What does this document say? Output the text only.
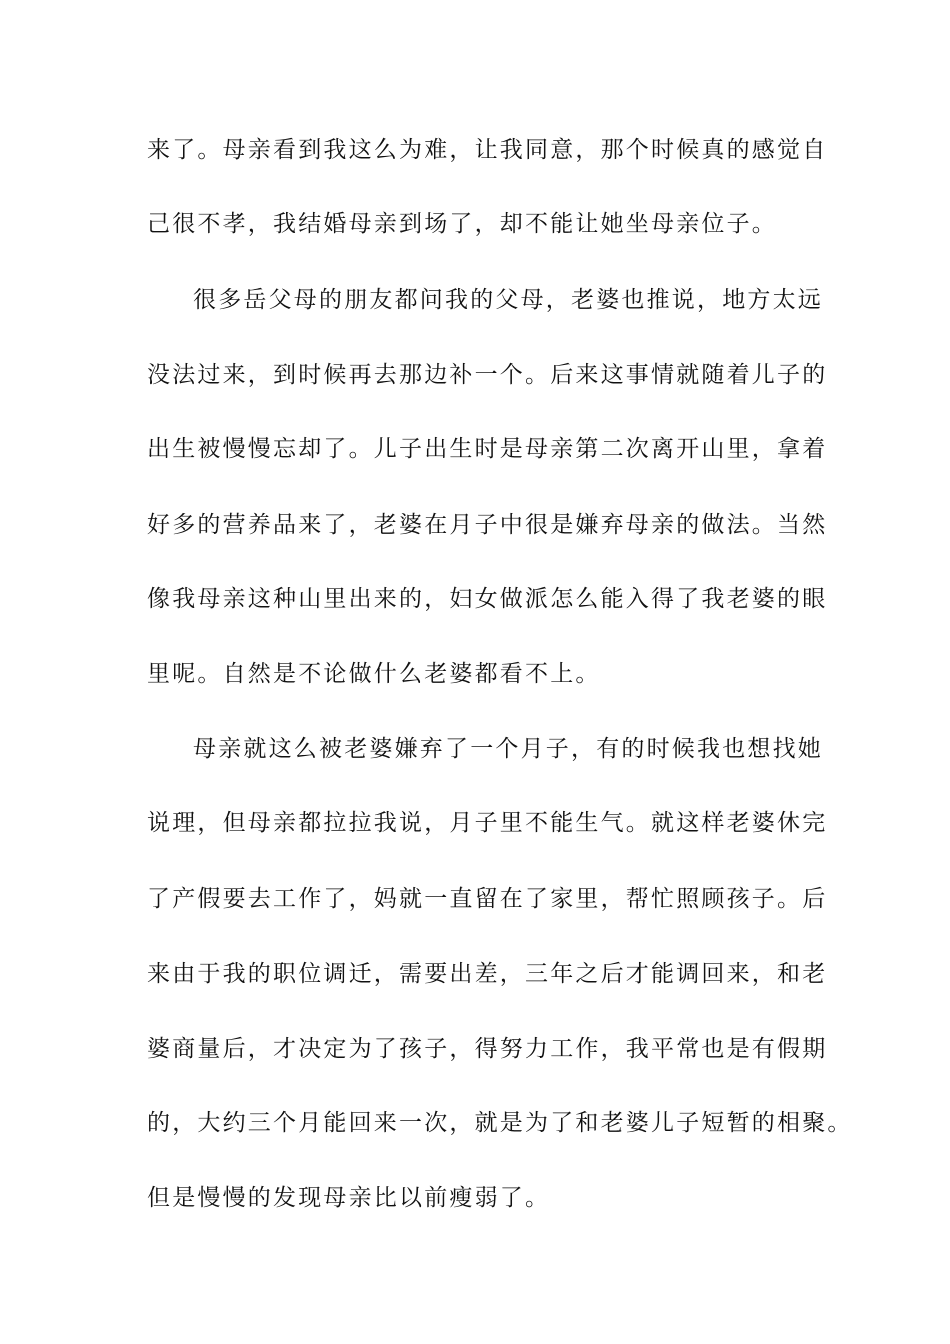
来了。母亲看到我这么为难，让我同意，那个时候真的感觉自
己很不孝，我结婚母亲到场了，却不能让她坐母亲位子。
很多岳父母的朋友都问我的父母，老婆也推说，地方太远
没法过来，到时候再去那边补一个。后来这事情就随着儿子的
出生被慢慢忘却了。儿子出生时是母亲第二次离开山里，拿着
好多的营养品来了，老婆在月子中很是嫌弃母亲的做法。当然
像我母亲这种山里出来的，妇女做派怎么能入得了我老婆的眼
里呢。自然是不论做什么老婆都看不上。
母亲就这么被老婆嫌弃了一个月子，有的时候我也想找她
说理，但母亲都拉拉我说，月子里不能生气。就这样老婆休完
了产假要去工作了，妈就一直留在了家里，帮忙照顾孩子。后
来由于我的职位调迁，需要出差，三年之后才能调回来，和老
婆商量后，才决定为了孩子，得努力工作，我平常也是有假期
的，大约三个月能回来一次，就是为了和老婆儿子短暂的相聚。
但是慢慢的发现母亲比以前瘦弱了。
